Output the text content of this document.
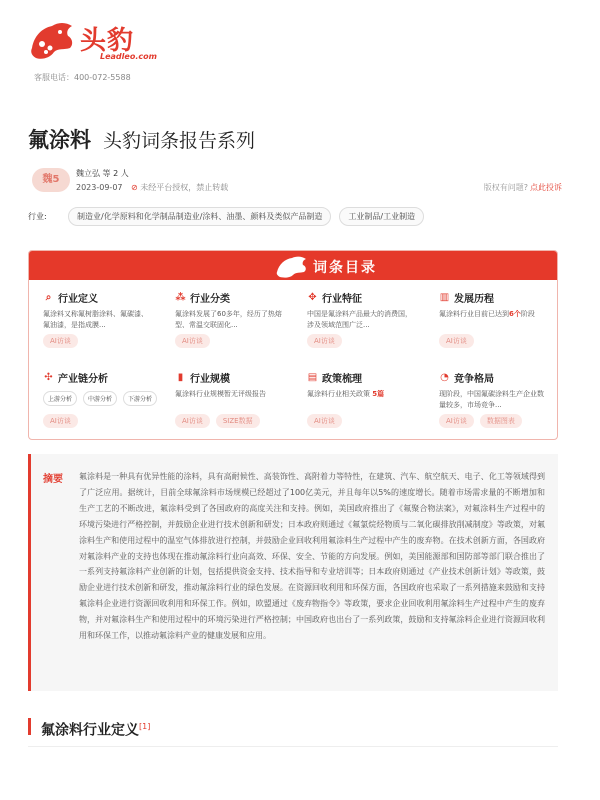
头豹
Leadleo.com
客服电话：400-072-5588
氟涂料 头豹词条报告系列
魏5
魏立弘 等 2 人
2023-09-07 ⊘ 未经平台授权，禁止转载	版权有问题? 点此投诉
行业:	制造业/化学原料和化学制品制造业/涂料、油墨、颜料及类似产品制造	工业制品/工业制造
词条目录
⌕ 行业定义
氟涂料又称氟树脂涂料、氟碳漆、氟油漆，是指成膜...
AI访谈
⁂ 行业分类
氟涂料发展了60多年，经历了热熔型、常温交联固化...
AI访谈
✥ 行业特征
中国是氟涂料产品最大的消费国，涉及领域范围广泛...
AI访谈
▥ 发展历程
氟涂料行业目前已达到6个阶段
AI访谈
✣ 产业链分析
上游分析	中游分析	下游分析
AI访谈
▮ 行业规模
氟涂料行业规模暂无评级报告
AI访谈	SIZE数据
▤ 政策梳理
氟涂料行业相关政策 5篇
AI访谈
◔ 竞争格局
现阶段，中国氟碳涂料生产企业数量较多，市场竞争...
AI访谈	数据图表
摘要 氟涂料是一种具有优异性能的涂料，具有高耐候性、高装饰性、高附着力等特性，在建筑、汽车、航空航天、电子、化工等领域得到了广泛应用。据统计，目前全球氟涂料市场规模已经超过了100亿美元，并且每年以5%的速度增长。随着市场需求量的不断增加和生产工艺的不断改进，氟涂料受到了各国政府的高度关注和支持。例如，美国政府推出了《氟聚合物法案》，对氟涂料生产过程中的环境污染进行严格控制，并鼓励企业进行技术创新和研发；日本政府则通过《氟氯烷烃物质与二氧化碳排放削减制度》等政策，对氟涂料生产和使用过程中的温室气体排放进行控制，并鼓励企业回收利用氟涂料生产过程中产生的废弃物。在技术创新方面，各国政府对氟涂料产业的支持也体现在推动氟涂料行业向高效、环保、安全、节能的方向发展。例如，美国能源部和国防部等部门联合推出了一系列支持氟涂料产业创新的计划，包括提供资金支持、技术指导和专业培训等；日本政府则通过《产业技术创新计划》等政策，鼓励企业进行技术创新和研发，推动氟涂料行业的绿色发展。在资源回收利用和环保方面，各国政府也采取了一系列措施来鼓励和支持氟涂料企业进行资源回收利用和环保工作。例如，欧盟通过《废弃物指令》等政策，要求企业回收利用氟涂料生产过程中产生的废弃物，并对氟涂料生产和使用过程中的环境污染进行严格控制；中国政府也出台了一系列政策，鼓励和支持氟涂料企业进行资源回收利用和环保工作，以推动氟涂料产业的健康发展和应用。
氟涂料行业定义[1]
